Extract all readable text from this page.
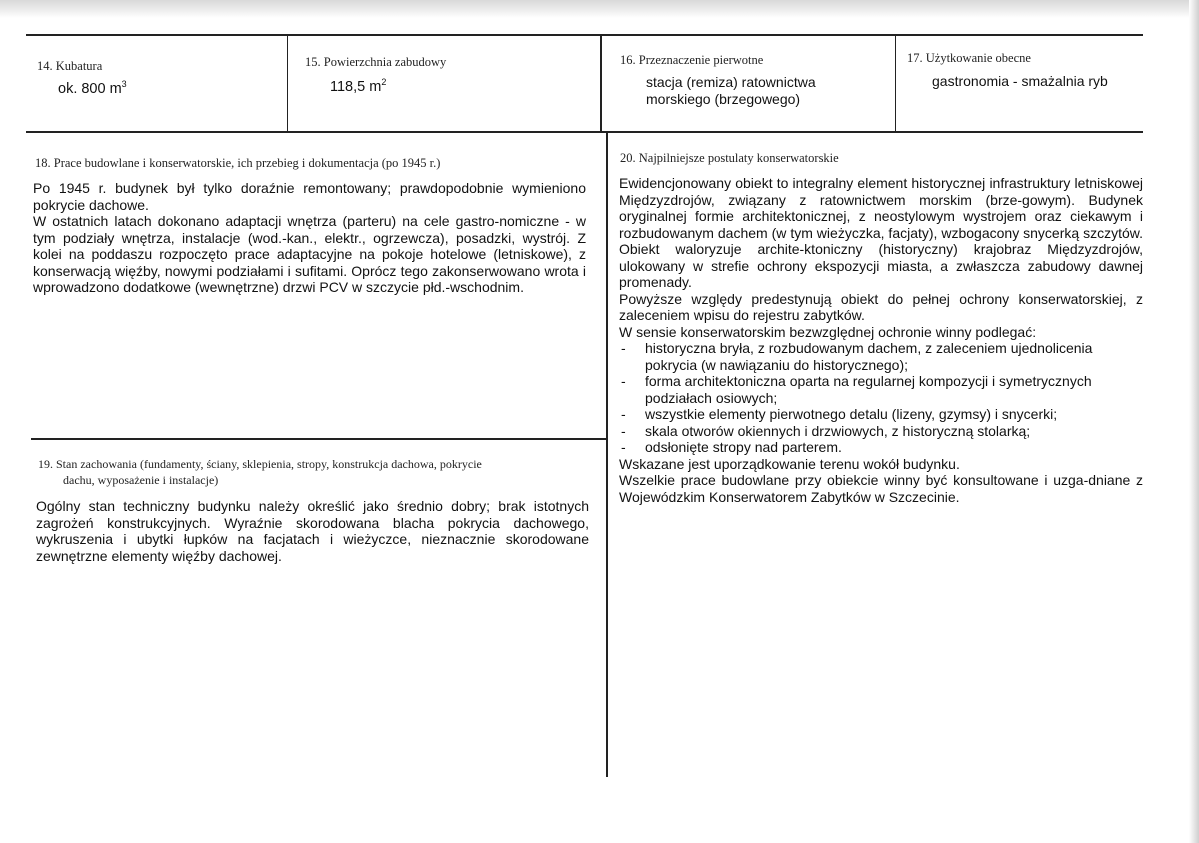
14. Kubatura
ok. 800 $m^3$
15. Powierzchnia zabudowy
118,5 $m^2$
16. Przeznaczenie pierwotne
stacja (remiza) ratownictwa
morskiego (brzegowego)
17. Użytkowanie obecne
gastronomia - smażalnia ryb
18. Prace budowlane i konserwatorskie, ich przebieg i dokumentacja (po 1945 r.)
Po 1945 r. budynek był tylko doraźnie remontowany; prawdopodobnie wymieniono pokrycie dachowe.
W ostatnich latach dokonano adaptacji wnętrza (parteru) na cele gastro-nomiczne - w tym podziały wnętrza, instalacje (wod.-kan., elektr., ogrzewcza), posadzki, wystrój. Z kolei na poddaszu rozpoczęto prace adaptacyjne na pokoje hotelowe (letniskowe), z konserwacją więźby, nowymi podziałami i sufitami. Oprócz tego zakonserwowano wrota i wprowadzono dodatkowe (wewnętrzne) drzwi PCV w szczycie płd.-wschodnim.
19. Stan zachowania (fundamenty, ściany, sklepienia, stropy, konstrukcja dachowa, pokrycie
dachu, wyposażenie i instalacje)
Ogólny stan techniczny budynku należy określić jako średnio dobry; brak istotnych zagrożeń konstrukcyjnych. Wyraźnie skorodowana blacha pokrycia dachowego, wykruszenia i ubytki łupków na facjatach i wieżyczce, nieznacznie skorodowane zewnętrzne elementy więźby dachowej.
20. Najpilniejsze postulaty konserwatorskie
Ewidencjonowany obiekt to integralny element historycznej infrastruktury letniskowej Międzyzdrojów, związany z ratownictwem morskim (brze-gowym). Budynek oryginalnej formie architektonicznej, z neostylowym wystrojem oraz ciekawym i rozbudowanym dachem (w tym wieżyczka, facjaty), wzbogacony snycerką szczytów. Obiekt waloryzuje archite-ktoniczny (historyczny) krajobraz Międzyzdrojów, ulokowany w strefie ochrony ekspozycji miasta, a zwłaszcza zabudowy dawnej promenady.
Powyższe względy predestynują obiekt do pełnej ochrony konserwatorskiej, z zaleceniem wpisu do rejestru zabytków.
W sensie konserwatorskim bezwzględnej ochronie winny podlegać:
- historyczna bryła, z rozbudowanym dachem, z zaleceniem ujednolicenia pokrycia (w nawiązaniu do historycznego);
- forma architektoniczna oparta na regularnej kompozycji i symetrycznych podziałach osiowych;
- wszystkie elementy pierwotnego detalu (lizeny, gzymsy) i snycerki;
- skala otworów okiennych i drzwiowych, z historyczną stolarką;
- odsłonięte stropy nad parterem.
Wskazane jest uporządkowanie terenu wokół budynku.
Wszelkie prace budowlane przy obiekcie winny być konsultowane i uzga-dniane z Wojewódzkim Konserwatorem Zabytków w Szczecinie.
